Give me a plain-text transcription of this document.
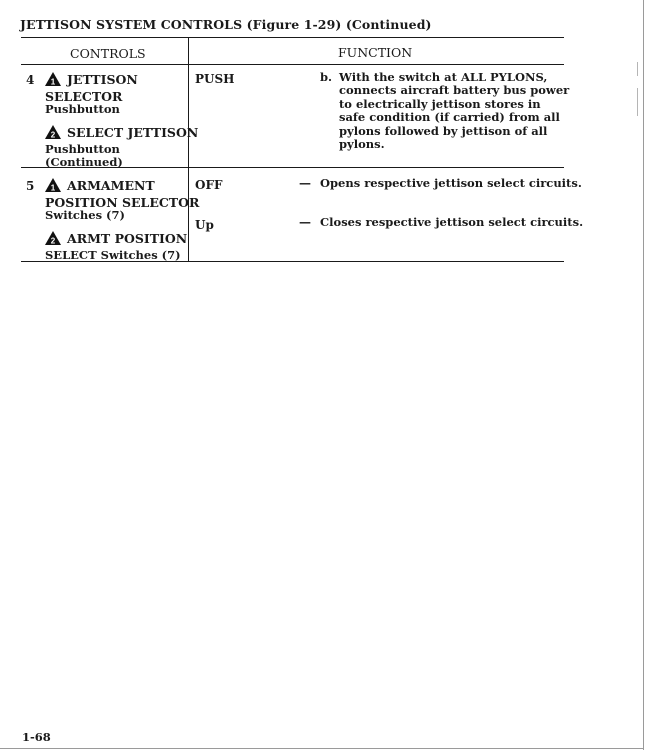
JETTISON SYSTEM CONTROLS (Figure 1-29) (Continued)
CONTROLS	FUNCTION
4 1 JETTISON
SELECTOR
Pushbutton
2 SELECT JETTISON
Pushbutton
(Continued)
PUSH	b. With the switch at ALL PYLONS,
connects aircraft battery bus power
to electrically jettison stores in
safe condition (if carried) from all
pylons followed by jettison of all
pylons.
5 1 ARMAMENT
POSITION SELECTOR
Switches (7)
2 ARMT POSITION
SELECT Switches (7)
OFF	— Opens respective jettison select circuits.
Up	— Closes respective jettison select circuits.
1-68
